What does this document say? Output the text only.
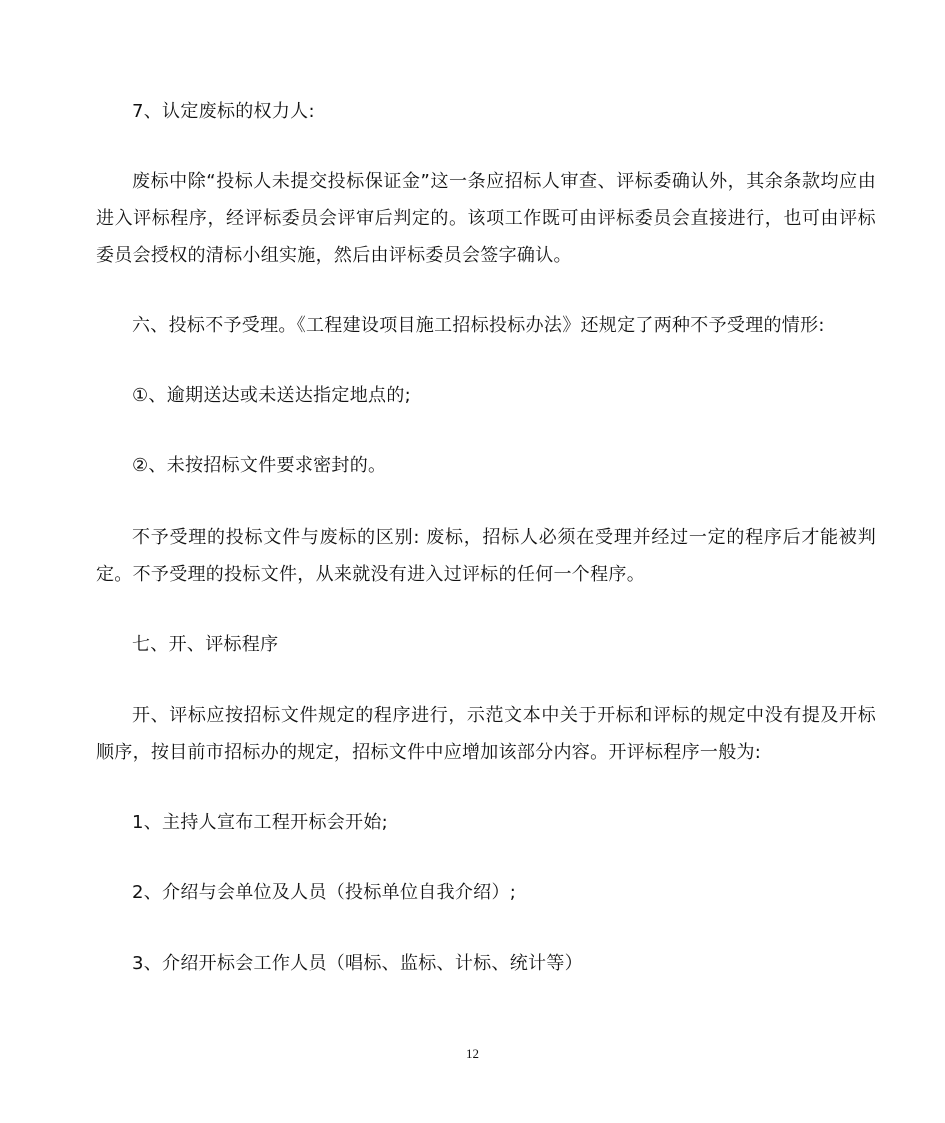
7、认定废标的权力人:

废标中除“投标人未提交投标保证金”这一条应招标人审查、评标委确认外，其余条款均应由进入评标程序，经评标委员会评审后判定的。该项工作既可由评标委员会直接进行，也可由评标委员会授权的清标小组实施，然后由评标委员会签字确认。

六、投标不予受理。《工程建设项目施工招标投标办法》还规定了两种不予受理的情形:

①、逾期送达或未送达指定地点的;

②、未按招标文件要求密封的。

不予受理的投标文件与废标的区别: 废标，招标人必须在受理并经过一定的程序后才能被判定。不予受理的投标文件，从来就没有进入过评标的任何一个程序。

七、开、评标程序

开、评标应按招标文件规定的程序进行，示范文本中关于开标和评标的规定中没有提及开标顺序，按目前市招标办的规定，招标文件中应增加该部分内容。开评标程序一般为:

1、主持人宣布工程开标会开始;

2、介绍与会单位及人员（投标单位自我介绍）;

3、介绍开标会工作人员（唱标、监标、计标、统计等）

12
